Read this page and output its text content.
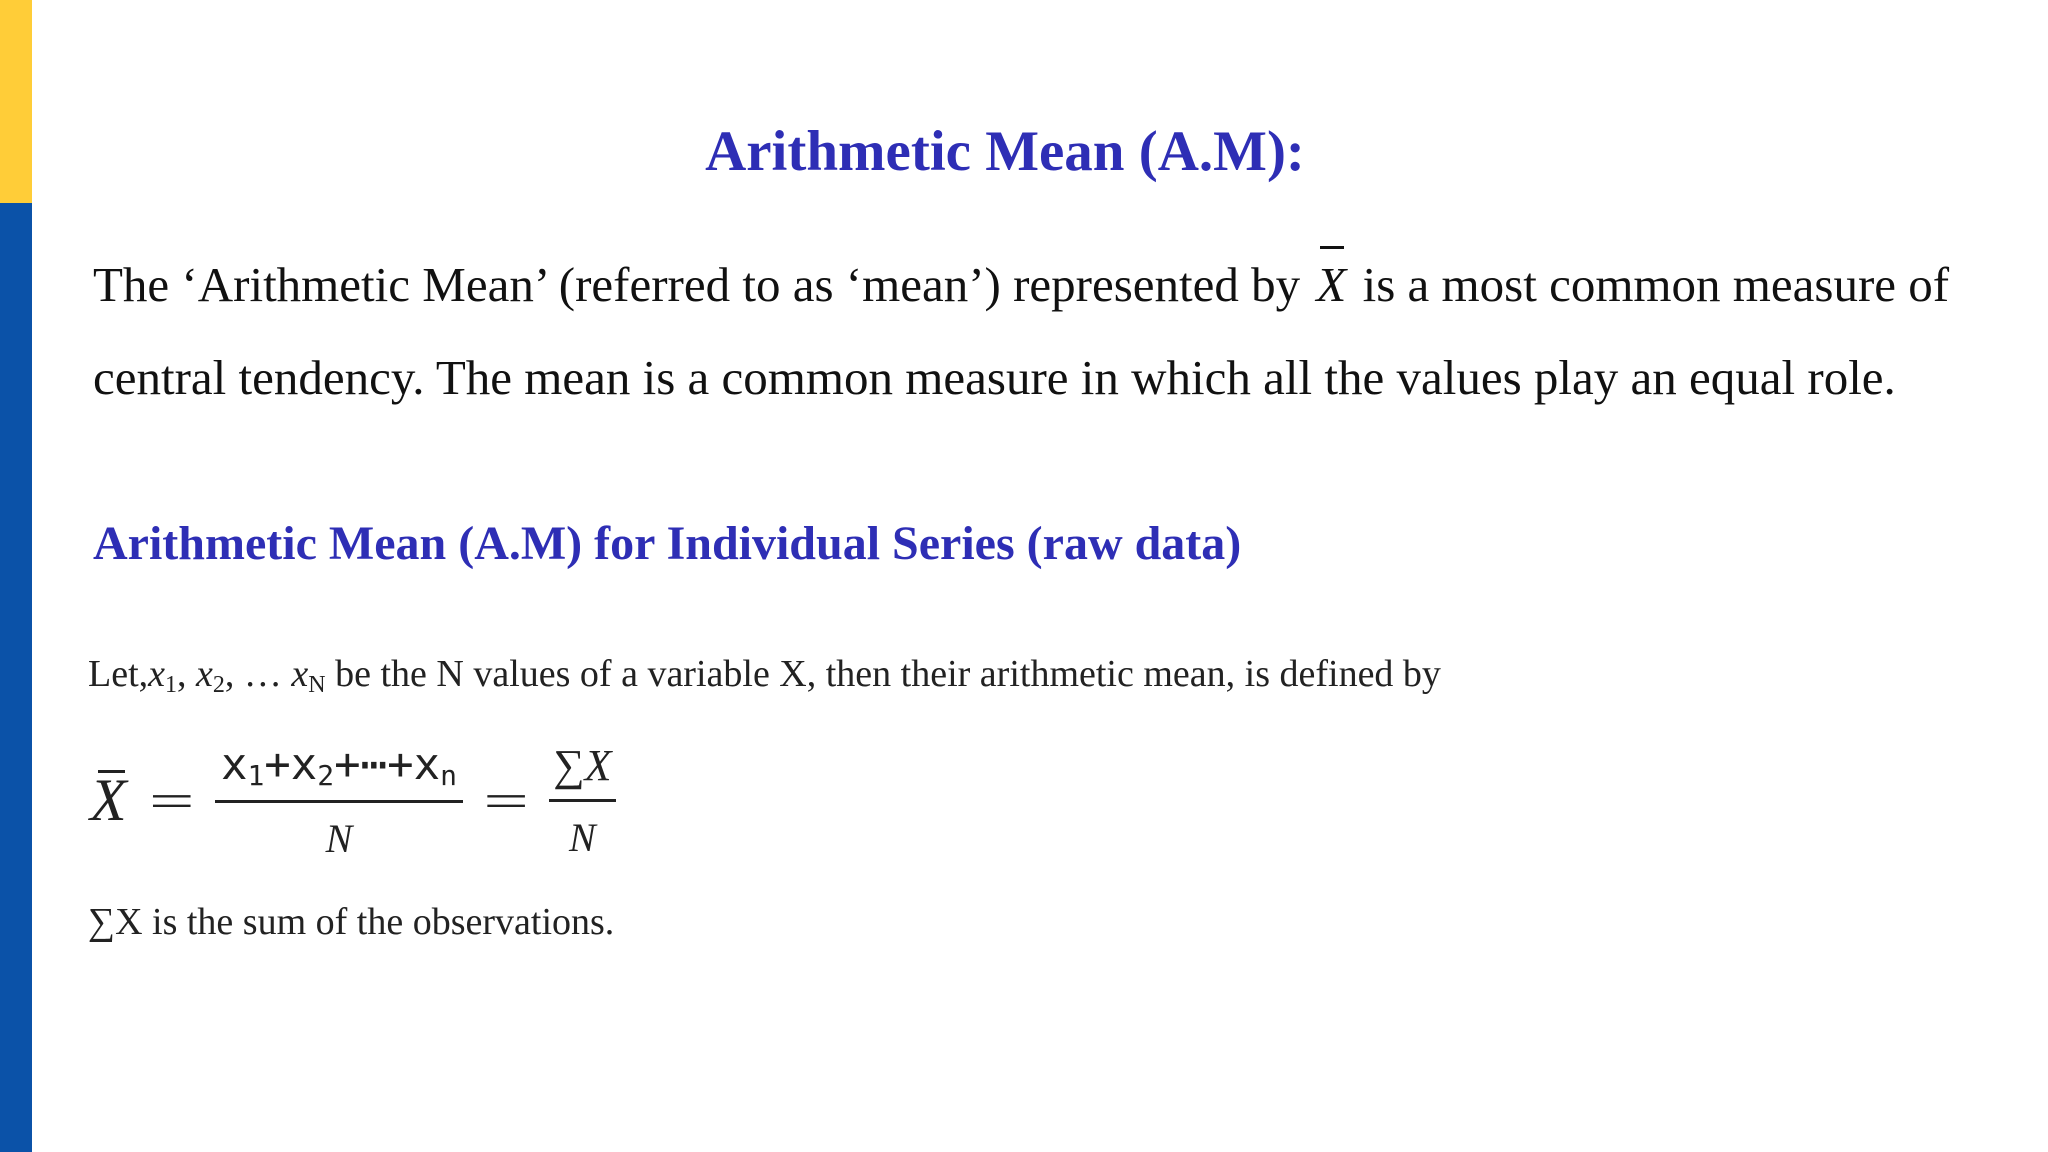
Arithmetic Mean (A.M):

The ‘Arithmetic Mean’ (referred to as ‘mean’) represented by X is a most common measure of central tendency. The mean is a common measure in which all the values play an equal role.

Arithmetic Mean (A.M) for Individual Series (raw data)

$Let,x_1$, $x_2$, … $x_N$ be the N values of a variable X, then their arithmetic mean, is defined by

$X = \frac{x_1+x_2+\cdots+x_n}{N} = \frac{\sum X}{N}$

∑X is the sum of the observations.
